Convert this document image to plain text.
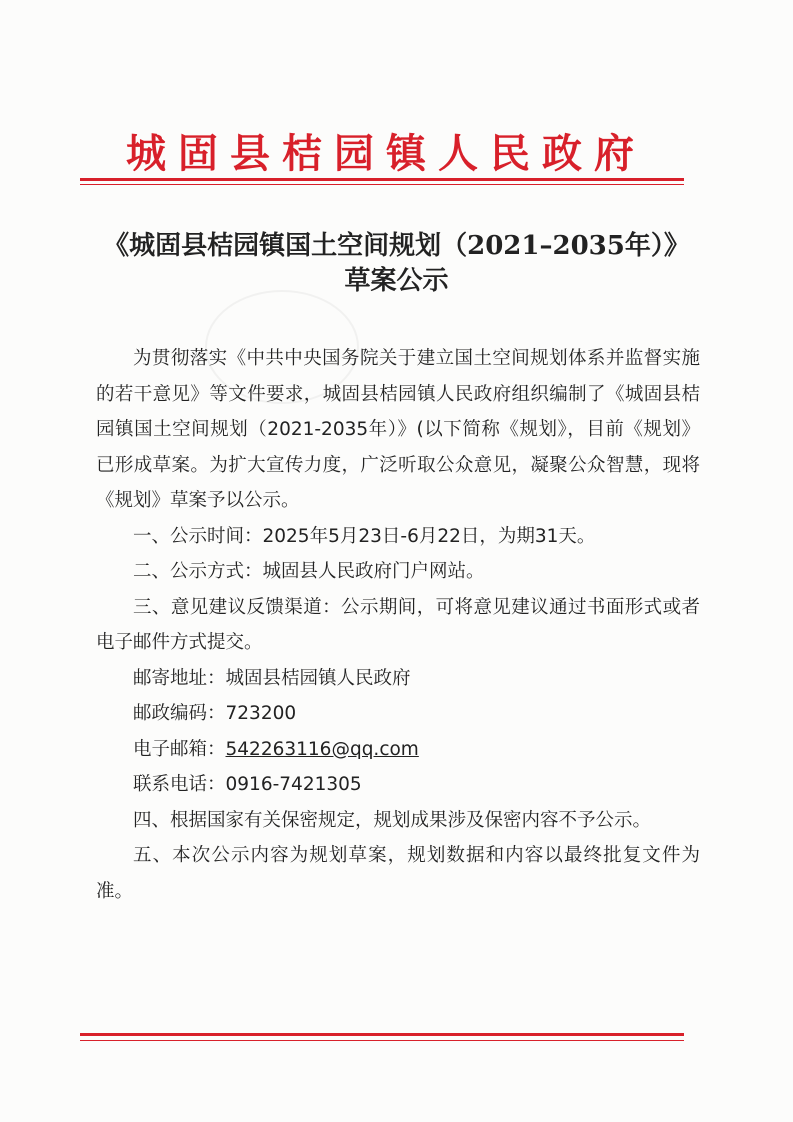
城固县桔园镇人民政府
《城固县桔园镇国土空间规划（2021–2035年）》
草案公示

为贯彻落实《中共中央国务院关于建立国土空间规划体系并监督实施的若干意见》等文件要求，城固县桔园镇人民政府组织编制了《城固县桔园镇国土空间规划（2021-2035年）》(以下简称《规划》，目前《规划》已形成草案。为扩大宣传力度，广泛听取公众意见，凝聚公众智慧，现将《规划》草案予以公示。

一、公示时间：2025年5月23日-6月22日，为期31天。

二、公示方式：城固县人民政府门户网站。

三、意见建议反馈渠道：公示期间，可将意见建议通过书面形式或者电子邮件方式提交。

邮寄地址：城固县桔园镇人民政府

邮政编码：723200

电子邮箱：542263116@qq.com

联系电话：0916-7421305

四、根据国家有关保密规定，规划成果涉及保密内容不予公示。

五、本次公示内容为规划草案，规划数据和内容以最终批复文件为准。
